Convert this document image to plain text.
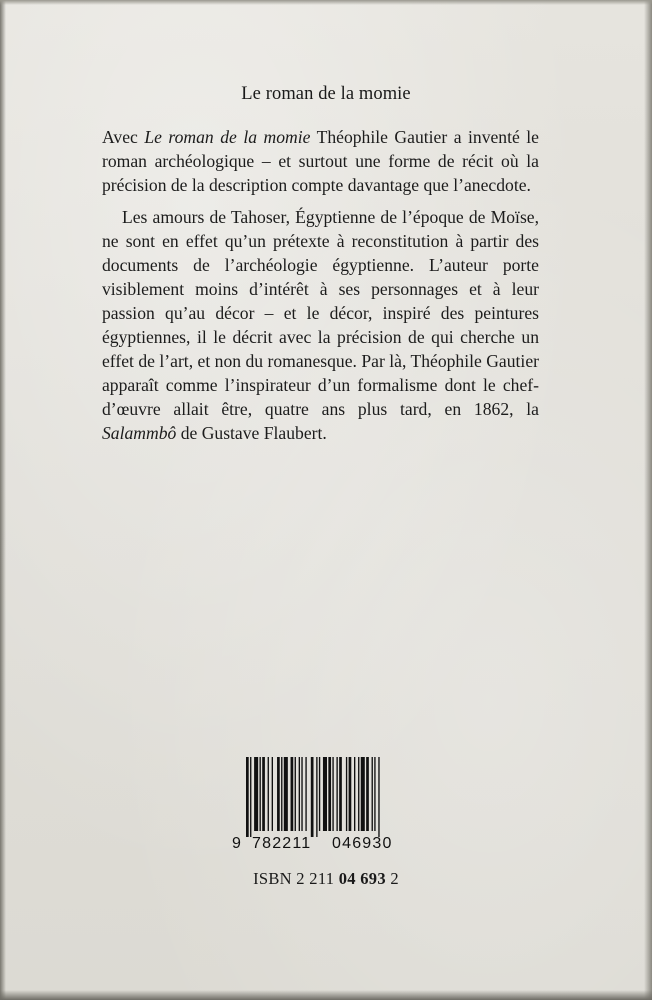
Le roman de la momie

Avec Le roman de la momie Théophile Gautier a inventé le roman archéologique – et surtout une forme de récit où la précision de la description compte davantage que l’anecdote.

Les amours de Tahoser, Égyptienne de l’époque de Moïse, ne sont en effet qu’un prétexte à reconstitution à partir des documents de l’archéologie égyptienne. L’auteur porte visiblement moins d’intérêt à ses personnages et à leur passion qu’au décor – et le décor, inspiré des peintures égyptiennes, il le décrit avec la précision de qui cherche un effet de l’art, et non du romanesque. Par là, Théophile Gautier apparaît comme l’inspirateur d’un formalisme dont le chef-d’œuvre allait être, quatre ans plus tard, en 1862, la Salammbô de Gustave Flaubert.

9 782211 046930
ISBN 2 211 04 693 2
